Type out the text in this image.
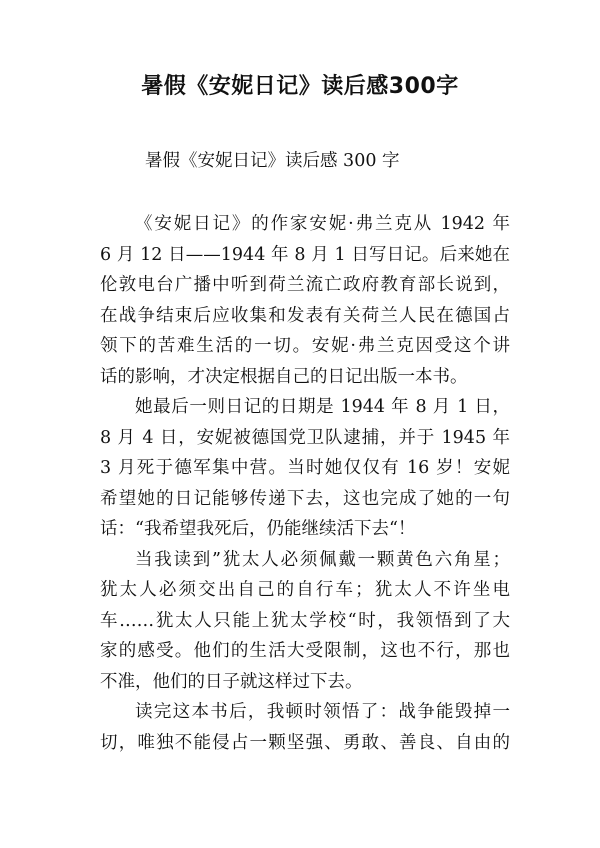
暑假《安妮日记》读后感300字

暑假《安妮日记》读后感 300 字

《安妮日记》的作家安妮·弗兰克从 1942 年
6 月 12 日——1944 年 8 月 1 日写日记。后来她在
伦敦电台广播中听到荷兰流亡政府教育部长说到，
在战争结束后应收集和发表有关荷兰人民在德国占
领下的苦难生活的一切。安妮·弗兰克因受这个讲
话的影响，才决定根据自己的日记出版一本书。
她最后一则日记的日期是 1944 年 8 月 1 日，
8 月 4 日，安妮被德国党卫队逮捕，并于 1945 年
3 月死于德军集中营。当时她仅仅有 16 岁！安妮
希望她的日记能够传递下去，这也完成了她的一句
话：“我希望我死后，仍能继续活下去“！
当我读到”犹太人必须佩戴一颗黄色六角星；
犹太人必须交出自己的自行车；犹太人不许坐电
车……犹太人只能上犹太学校“时，我领悟到了大
家的感受。他们的生活大受限制，这也不行，那也
不准，他们的日子就这样过下去。
读完这本书后，我顿时领悟了：战争能毁掉一
切，唯独不能侵占一颗坚强、勇敢、善良、自由的
